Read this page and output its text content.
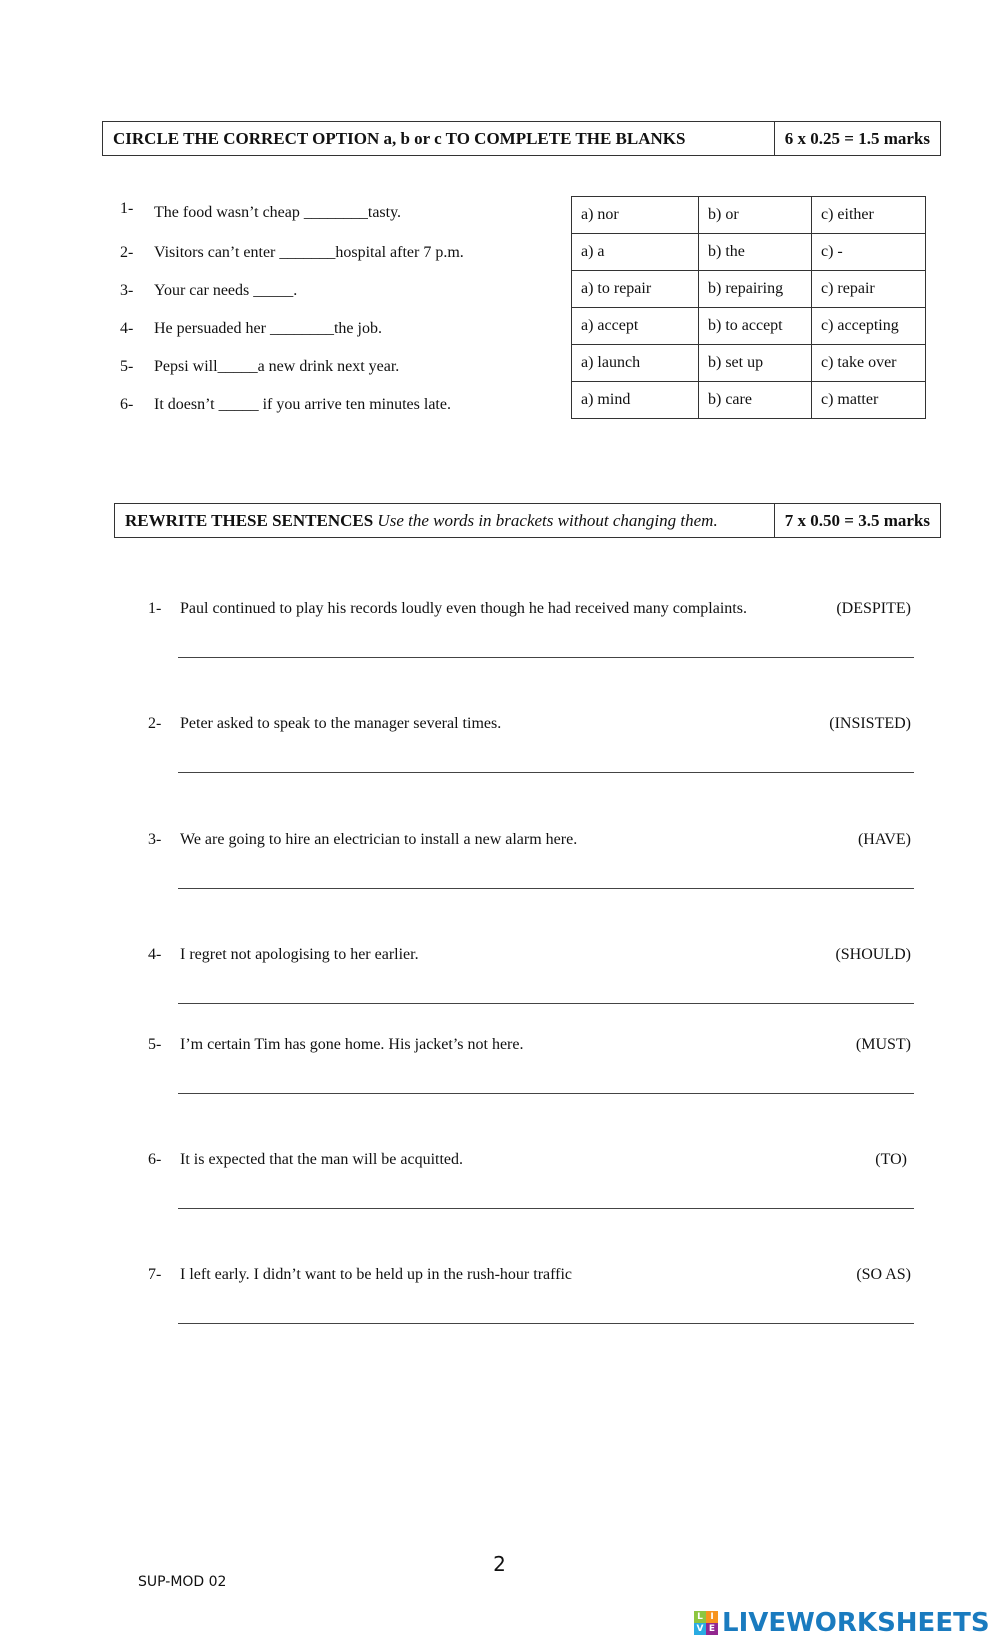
CIRCLE THE CORRECT OPTION a, b or c TO COMPLETE THE BLANKS	6 x 0.25 = 1.5 marks
1- The food wasn’t cheap ________tasty.
2- Visitors can’t enter _______hospital after 7 p.m.
3- Your car needs _____.
4- He persuaded her ________the job.
5- Pepsi will_____a new drink next year.
6- It doesn’t _____ if you arrive ten minutes late.
a) nor	b) or	c) either
a) a	b) the	c) -
a) to repair	b) repairing	c) repair
a) accept	b) to accept	c) accepting
a) launch	b) set up	c) take over
a) mind	b) care	c) matter
REWRITE THESE SENTENCES
Use the words in brackets without changing them.	7 x 0.50 = 3.5 marks
1- Paul continued to play his records loudly even though he had received many complaints.	(DESPITE)
2- Peter asked to speak to the manager several times.	(INSISTED)
3- We are going to hire an electrician to install a new alarm here.	(HAVE)
4- I regret not apologising to her earlier.	(SHOULD)
5- I’m certain Tim has gone home. His jacket’s not here.	(MUST)
6- It is expected that the man will be acquitted.	(TO)
7- I left early. I didn’t want to be held up in the rush-hour traffic	(SO AS)
2
SUP-MOD 02
L I
V E LIVEWORKSHEETS
